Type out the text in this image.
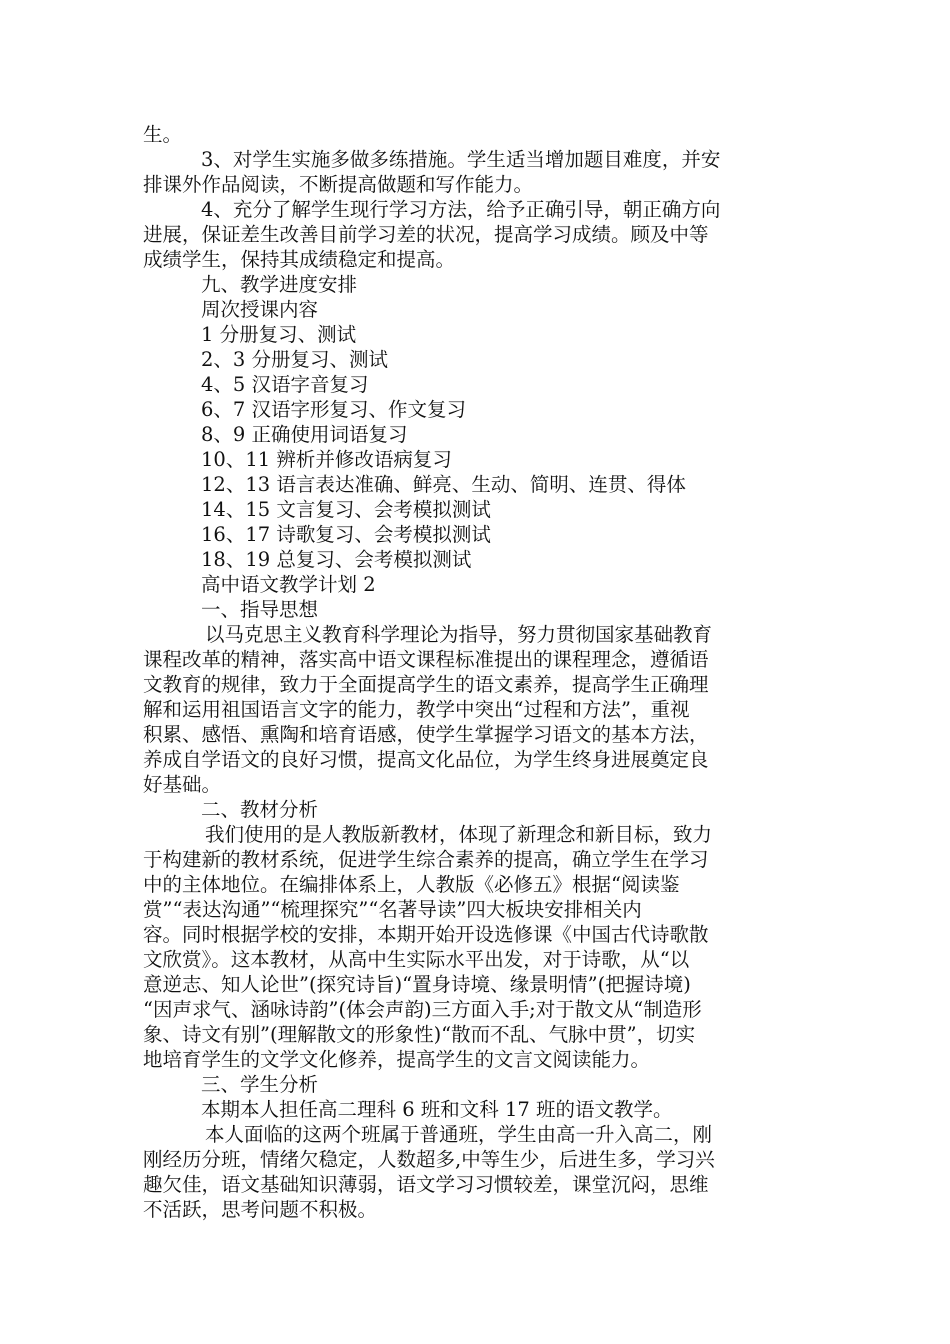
生。
3、对学生实施多做多练措施。学生适当增加题目难度，并安
排课外作品阅读，不断提高做题和写作能力。
4、充分了解学生现行学习方法，给予正确引导，朝正确方向
进展，保证差生改善目前学习差的状况，提高学习成绩。顾及中等
成绩学生，保持其成绩稳定和提高。
九、教学进度安排
周次授课内容
1 分册复习、测试
2、3 分册复习、测试
4、5 汉语字音复习
6、7 汉语字形复习、作文复习
8、9 正确使用词语复习
10、11 辨析并修改语病复习
12、13 语言表达准确、鲜亮、生动、简明、连贯、得体
14、15 文言复习、会考模拟测试
16、17 诗歌复习、会考模拟测试
18、19 总复习、会考模拟测试
高中语文教学计划 2
一、指导思想
以马克思主义教育科学理论为指导，努力贯彻国家基础教育
课程改革的精神，落实高中语文课程标准提出的课程理念，遵循语
文教育的规律，致力于全面提高学生的语文素养，提高学生正确理
解和运用祖国语言文字的能力，教学中突出“过程和方法”，重视
积累、感悟、熏陶和培育语感，使学生掌握学习语文的基本方法，
养成自学语文的良好习惯，提高文化品位，为学生终身进展奠定良
好基础。
二、教材分析
我们使用的是人教版新教材，体现了新理念和新目标，致力
于构建新的教材系统，促进学生综合素养的提高，确立学生在学习
中的主体地位。在编排体系上，人教版《必修五》根据“阅读鉴
赏”“表达沟通”“梳理探究”“名著导读”四大板块安排相关内
容。同时根据学校的安排，本期开始开设选修课《中国古代诗歌散
文欣赏》。这本教材，从高中生实际水平出发，对于诗歌，从“以
意逆志、知人论世”(探究诗旨)“置身诗境、缘景明情”(把握诗境)
“因声求气、涵咏诗韵”(体会声韵)三方面入手;对于散文从“制造形
象、诗文有别”(理解散文的形象性)“散而不乱、气脉中贯”，切实
地培育学生的文学文化修养，提高学生的文言文阅读能力。
三、学生分析
本期本人担任高二理科 6 班和文科 17 班的语文教学。
本人面临的这两个班属于普通班，学生由高一升入高二，刚
刚经历分班，情绪欠稳定，人数超多,中等生少，后进生多，学习兴
趣欠佳，语文基础知识薄弱，语文学习习惯较差，课堂沉闷，思维
不活跃，思考问题不积极。
